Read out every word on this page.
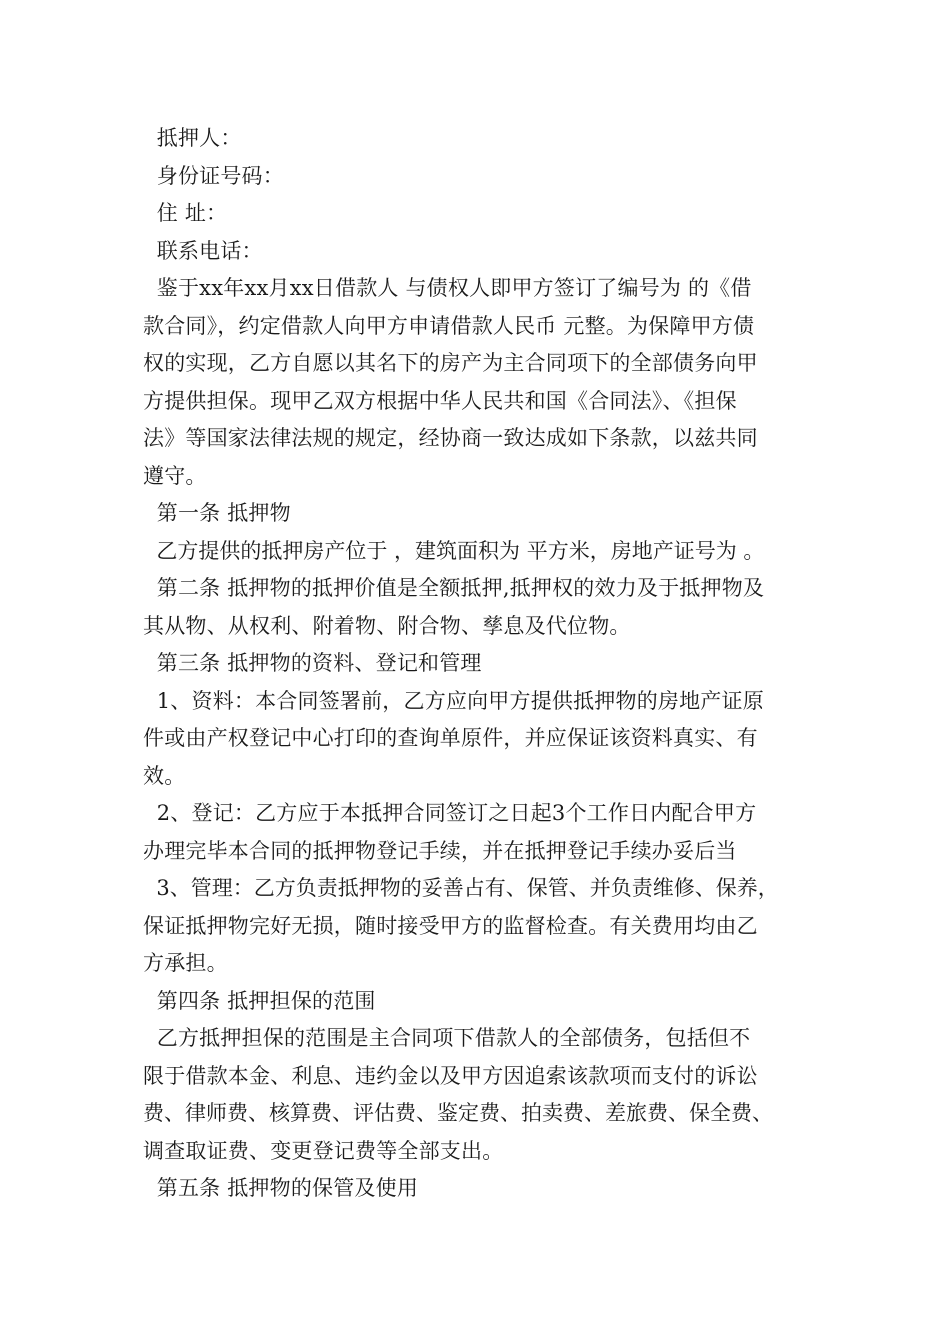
抵押人：
身份证号码：
住 址：
联系电话：
鉴于xx年xx月xx日借款人 与债权人即甲方签订了编号为 的《借
款合同》，约定借款人向甲方申请借款人民币 元整。为保障甲方债
权的实现，乙方自愿以其名下的房产为主合同项下的全部债务向甲
方提供担保。现甲乙双方根据中华人民共和国《合同法》、《担保
法》等国家法律法规的规定，经协商一致达成如下条款，以兹共同
遵守。
第一条 抵押物
乙方提供的抵押房产位于 ，建筑面积为 平方米，房地产证号为 。
第二条 抵押物的抵押价值是全额抵押,抵押权的效力及于抵押物及
其从物、从权利、附着物、附合物、孳息及代位物。
第三条 抵押物的资料、登记和管理
1、资料：本合同签署前，乙方应向甲方提供抵押物的房地产证原
件或由产权登记中心打印的查询单原件，并应保证该资料真实、有
效。
2、登记：乙方应于本抵押合同签订之日起3个工作日内配合甲方
办理完毕本合同的抵押物登记手续，并在抵押登记手续办妥后当
3、管理：乙方负责抵押物的妥善占有、保管、并负责维修、保养，
保证抵押物完好无损，随时接受甲方的监督检查。有关费用均由乙
方承担。
第四条 抵押担保的范围
乙方抵押担保的范围是主合同项下借款人的全部债务，包括但不
限于借款本金、利息、违约金以及甲方因追索该款项而支付的诉讼
费、律师费、核算费、评估费、鉴定费、拍卖费、差旅费、保全费、
调查取证费、变更登记费等全部支出。
第五条 抵押物的保管及使用
